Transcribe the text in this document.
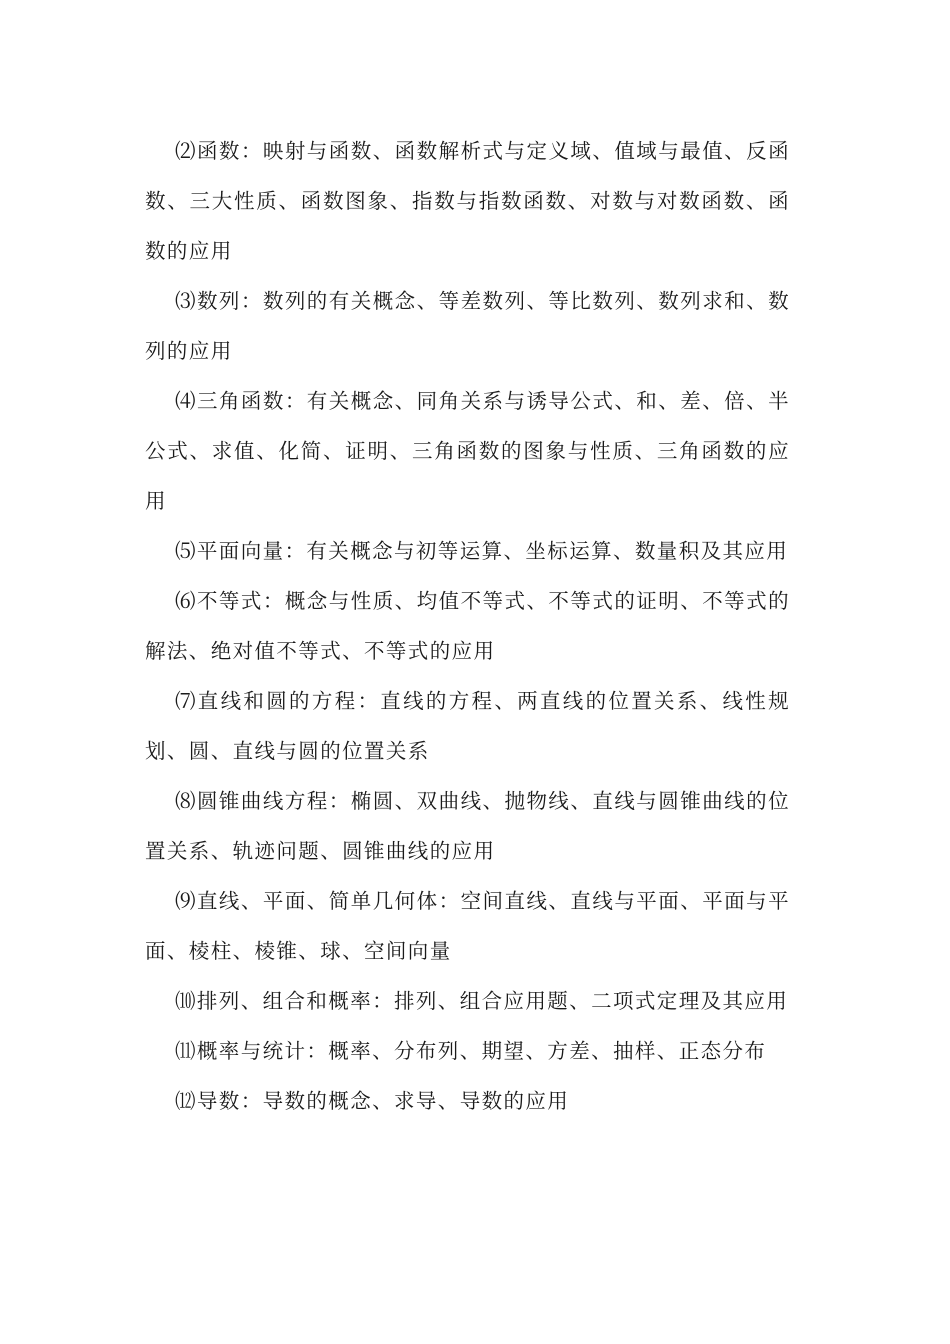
⑵函数：映射与函数、函数解析式与定义域、值域与最值、反函数、三大性质、函数图象、指数与指数函数、对数与对数函数、函数的应用

⑶数列：数列的有关概念、等差数列、等比数列、数列求和、数列的应用

⑷三角函数：有关概念、同角关系与诱导公式、和、差、倍、半公式、求值、化简、证明、三角函数的图象与性质、三角函数的应用

⑸平面向量：有关概念与初等运算、坐标运算、数量积及其应用

⑹不等式：概念与性质、均值不等式、不等式的证明、不等式的解法、绝对值不等式、不等式的应用

⑺直线和圆的方程：直线的方程、两直线的位置关系、线性规划、圆、直线与圆的位置关系

⑻圆锥曲线方程：椭圆、双曲线、抛物线、直线与圆锥曲线的位置关系、轨迹问题、圆锥曲线的应用

⑼直线、平面、简单几何体：空间直线、直线与平面、平面与平面、棱柱、棱锥、球、空间向量

⑽排列、组合和概率：排列、组合应用题、二项式定理及其应用

⑾概率与统计：概率、分布列、期望、方差、抽样、正态分布

⑿导数：导数的概念、求导、导数的应用
